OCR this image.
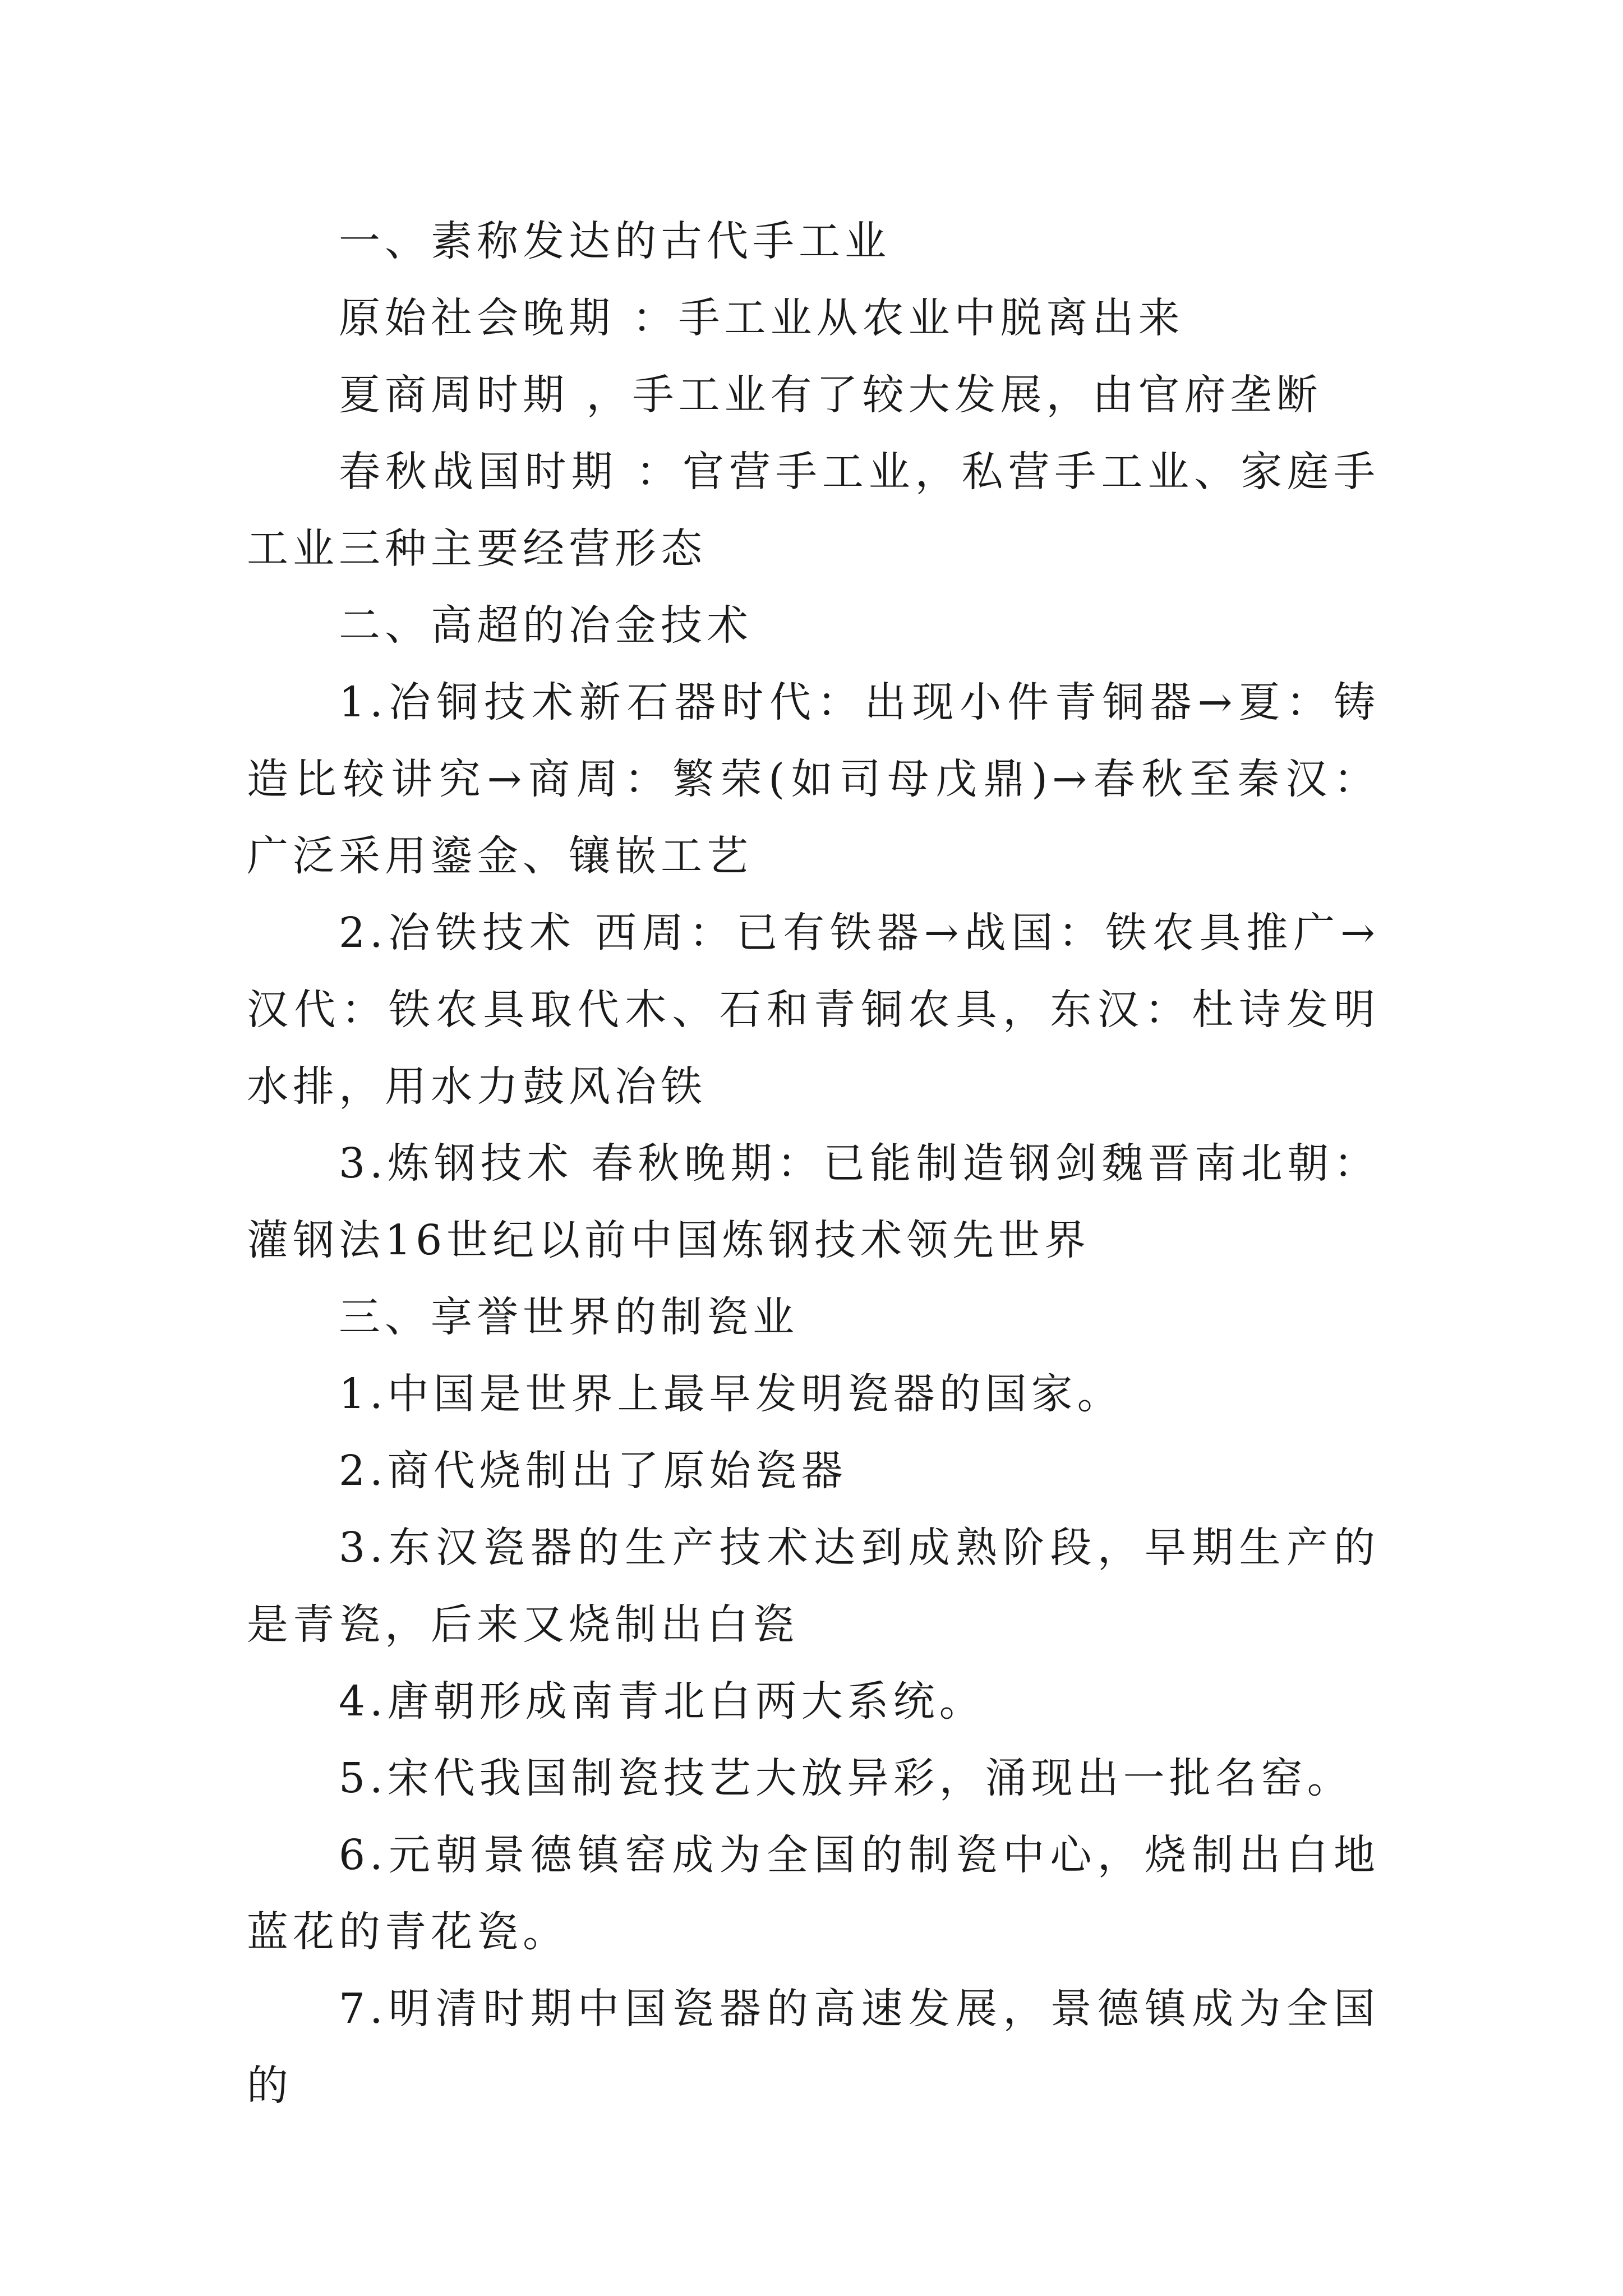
一、素称发达的古代手工业

原始社会晚期 ：手工业从农业中脱离出来

夏商周时期 ，手工业有了较大发展，由官府垄断

春秋战国时期 ：官营手工业，私营手工业、家庭手工业三种主要经营形态

二、高超的冶金技术

1.冶铜技术新石器时代：出现小件青铜器→夏：铸造比较讲究→商周：繁荣(如司母戊鼎)→春秋至秦汉： 广泛采用鎏金、镶嵌工艺

2.冶铁技术 西周：已有铁器→战国：铁农具推广→汉代：铁农具取代木、石和青铜农具，东汉：杜诗发明水排，用水力鼓风冶铁

3.炼钢技术 春秋晚期：已能制造钢剑魏晋南北朝：灌钢法16世纪以前中国炼钢技术领先世界

三、享誉世界的制瓷业

1.中国是世界上最早发明瓷器的国家。

2.商代烧制出了原始瓷器

3.东汉瓷器的生产技术达到成熟阶段，早期生产的是青瓷，后来又烧制出白瓷

4.唐朝形成南青北白两大系统。

5.宋代我国制瓷技艺大放异彩，涌现出一批名窑。

6.元朝景德镇窑成为全国的制瓷中心，烧制出白地蓝花的青花瓷。

7.明清时期中国瓷器的高速发展，景德镇成为全国的
